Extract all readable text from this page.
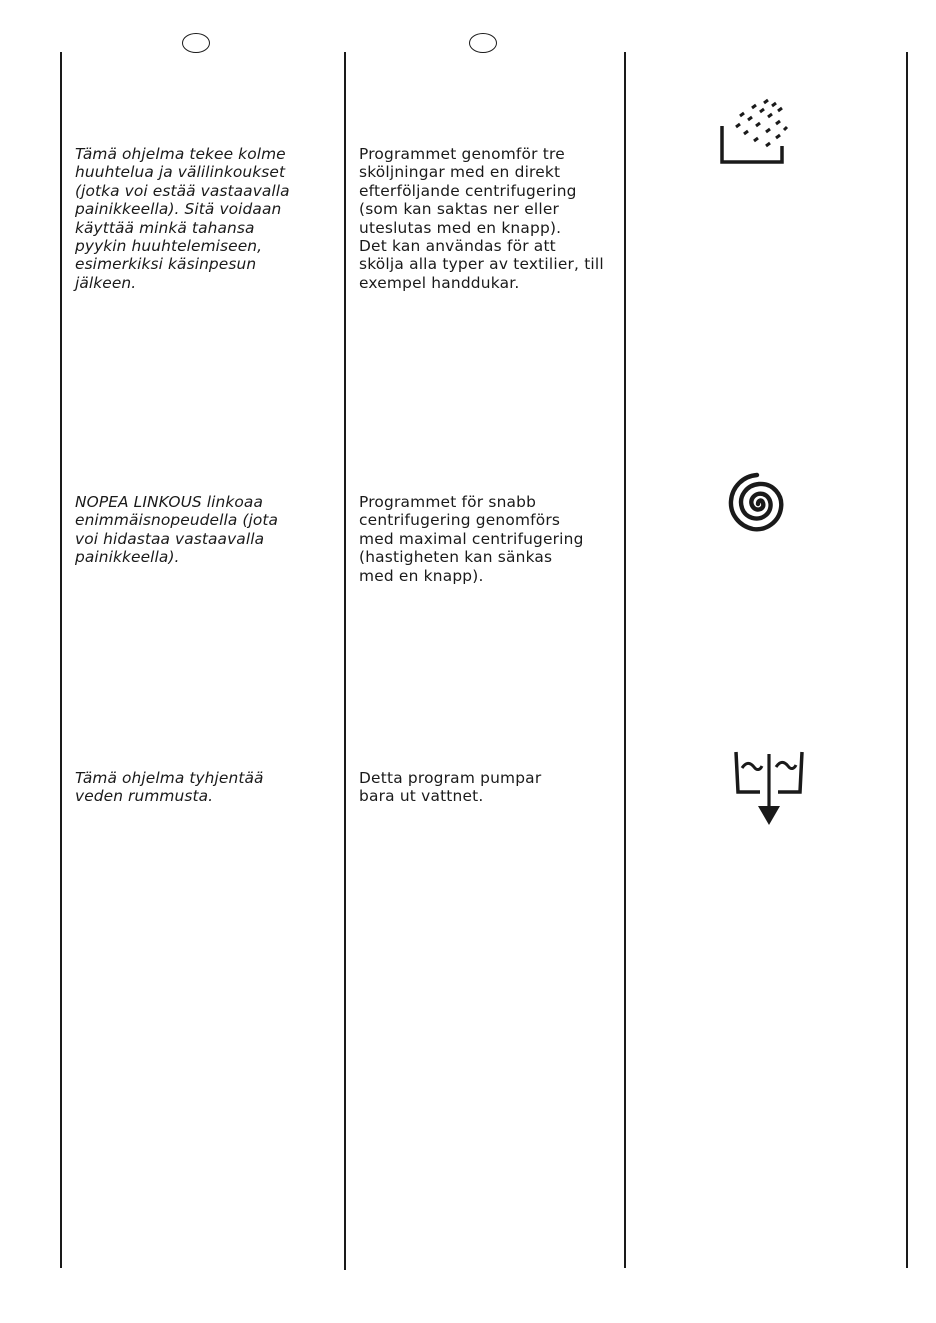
Tämä ohjelma tekee kolme
huuhtelua ja välilinkoukset
(jotka voi estää vastaavalla
painikkeella). Sitä voidaan
käyttää minkä tahansa
pyykin huuhtelemiseen,
esimerkiksi käsinpesun
jälkeen.

Programmet genomför tre
sköljningar med en direkt
efterföljande centrifugering
(som kan saktas ner eller
uteslutas med en knapp).
Det kan användas för att
skölja alla typer av textilier, till
exempel handdukar.

NOPEA LINKOUS linkoaa
enimmäisnopeudella (jota
voi hidastaa vastaavalla
painikkeella).

Programmet för snabb
centrifugering genomförs
med maximal centrifugering
(hastigheten kan sänkas
med en knapp).

Tämä ohjelma tyhjentää
veden rummusta.

Detta program pumpar
bara ut vattnet.
